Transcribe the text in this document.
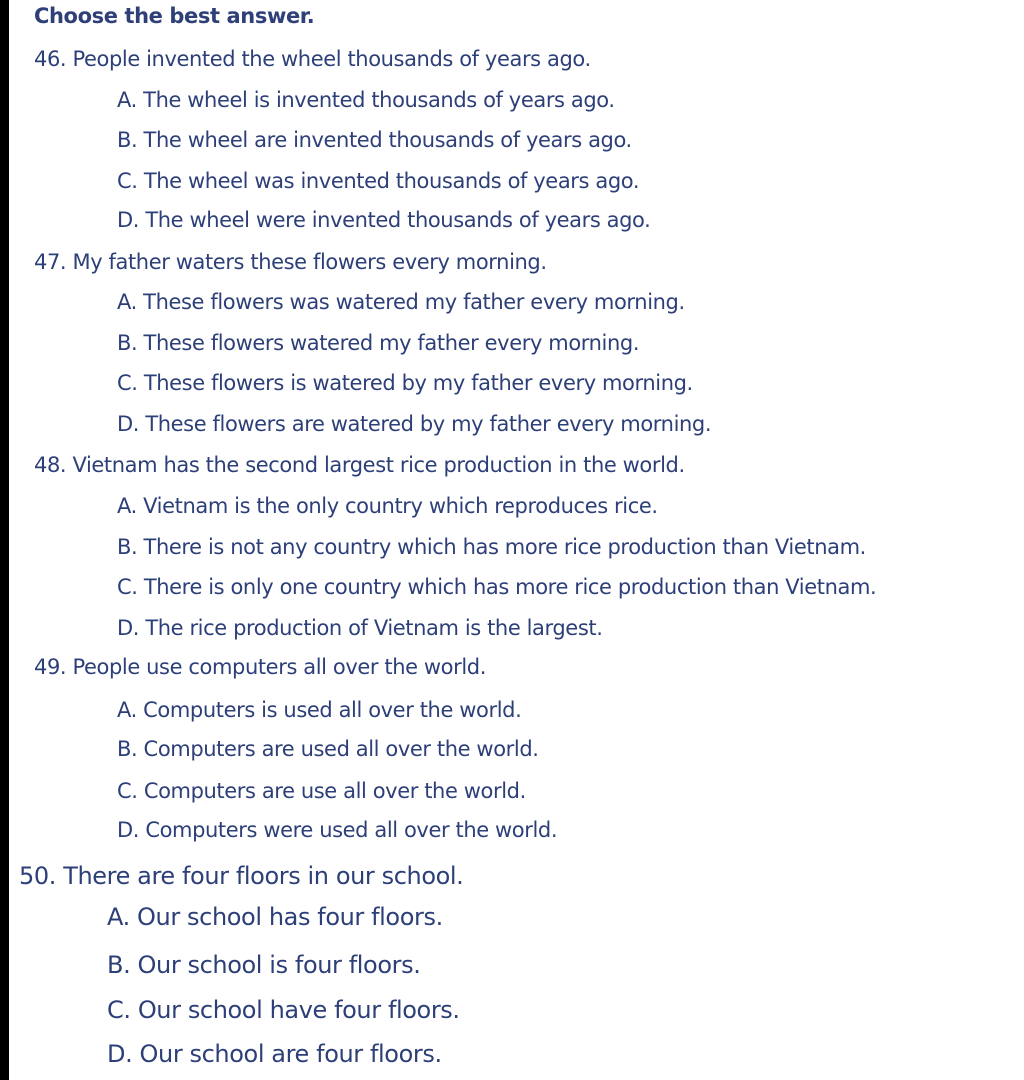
Choose the best answer.
46. People invented the wheel thousands of years ago.
A. The wheel is invented thousands of years ago.
B. The wheel are invented thousands of years ago.
C. The wheel was invented thousands of years ago.
D. The wheel were invented thousands of years ago.
47. My father waters these flowers every morning.
A. These flowers was watered my father every morning.
B. These flowers watered my father every morning.
C. These flowers is watered by my father every morning.
D. These flowers are watered by my father every morning.
48. Vietnam has the second largest rice production in the world.
A. Vietnam is the only country which reproduces rice.
B. There is not any country which has more rice production than Vietnam.
C. There is only one country which has more rice production than Vietnam.
D. The rice production of Vietnam is the largest.
49. People use computers all over the world.
A. Computers is used all over the world.
B. Computers are used all over the world.
C. Computers are use all over the world.
D. Computers were used all over the world.
50. There are four floors in our school.
A. Our school has four floors.
B. Our school is four floors.
C. Our school have four floors.
D. Our school are four floors.
